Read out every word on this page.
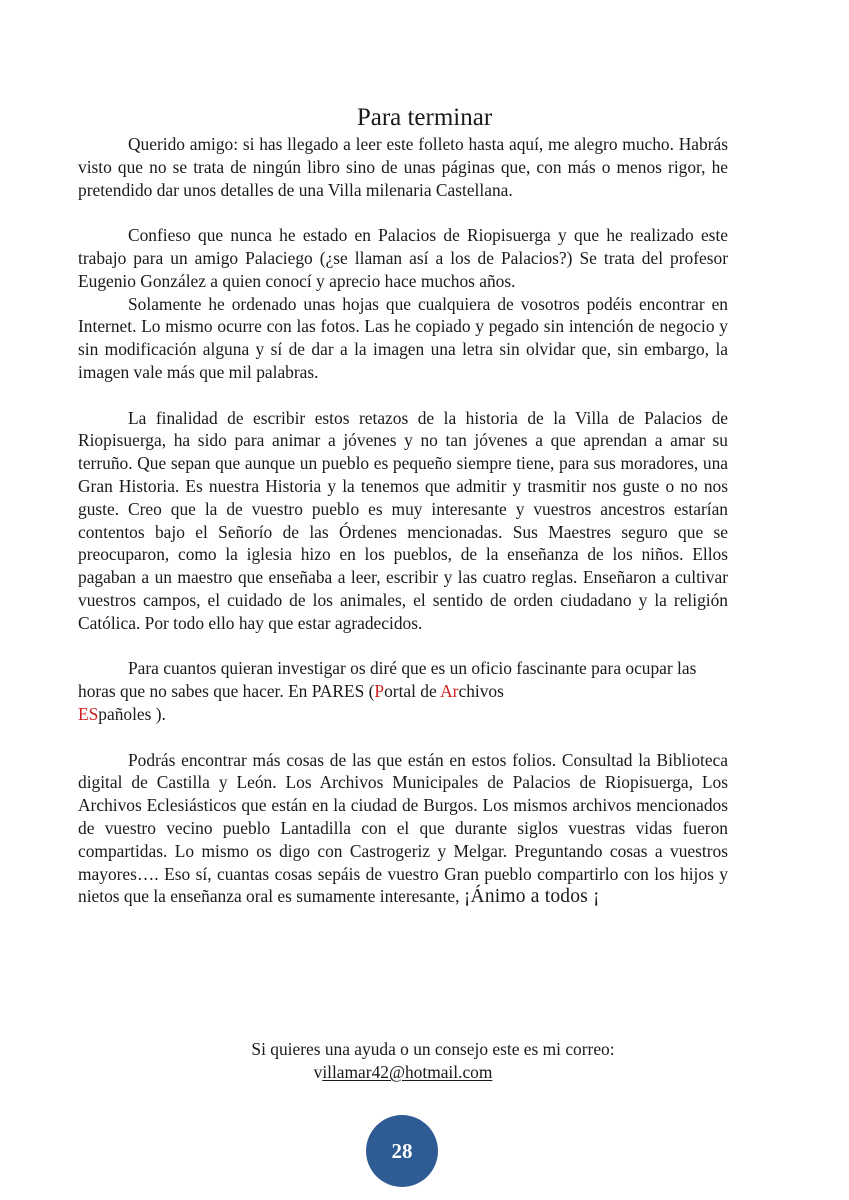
Para terminar

Querido amigo: si has llegado a leer este folleto hasta aquí, me alegro mucho. Habrás visto que no se trata de ningún libro sino de unas páginas que, con más o menos rigor, he pretendido dar unos detalles de una Villa milenaria Castellana.

Confieso que nunca he estado en Palacios de Riopisuerga y que he realizado este trabajo para un amigo Palaciego (¿se llaman así a los de Palacios?) Se trata del profesor Eugenio González a quien conocí y aprecio hace muchos años.

Solamente he ordenado unas hojas que cualquiera de vosotros podéis encontrar en Internet. Lo mismo ocurre con las fotos. Las he copiado y pegado sin intención de negocio y sin modificación alguna y sí de dar a la imagen una letra sin olvidar que, sin embargo, la imagen vale más que mil palabras.

La finalidad de escribir estos retazos de la historia de la Villa de Palacios de Riopisuerga, ha sido para animar a jóvenes y no tan jóvenes a que aprendan a amar su terruño. Que sepan que aunque un pueblo es pequeño siempre tiene, para sus moradores, una Gran Historia. Es nuestra Historia y la tenemos que admitir y trasmitir nos guste o no nos guste. Creo que la de vuestro pueblo es muy interesante y vuestros ancestros estarían contentos bajo el Señorío de las Órdenes mencionadas. Sus Maestres seguro que se preocuparon, como la iglesia hizo en los pueblos, de la enseñanza de los niños. Ellos pagaban a un maestro que enseñaba a leer, escribir y las cuatro reglas. Enseñaron a cultivar vuestros campos, el cuidado de los animales, el sentido de orden ciudadano y la religión Católica. Por todo ello hay que estar agradecidos.

Para cuantos quieran investigar os diré que es un oficio fascinante para ocupar las horas que no sabes que hacer. En PARES (Portal de Archivos
ESpañoles ).

Podrás encontrar más cosas de las que están en estos folios. Consultad la Biblioteca digital de Castilla y León. Los Archivos Municipales de Palacios de Riopisuerga, Los Archivos Eclesiásticos que están en la ciudad de Burgos. Los mismos archivos mencionados de vuestro vecino pueblo Lantadilla con el que durante siglos vuestras vidas fueron compartidas. Lo mismo os digo con Castrogeriz y Melgar. Preguntando cosas a vuestros mayores…. Eso sí, cuantas cosas sepáis de vuestro Gran pueblo compartirlo con los hijos y nietos que la enseñanza oral es sumamente interesante, ¡Ánimo a todos ¡

Si quieres una ayuda o un consejo este es mi correo:
villamar42@hotmail.com
28
